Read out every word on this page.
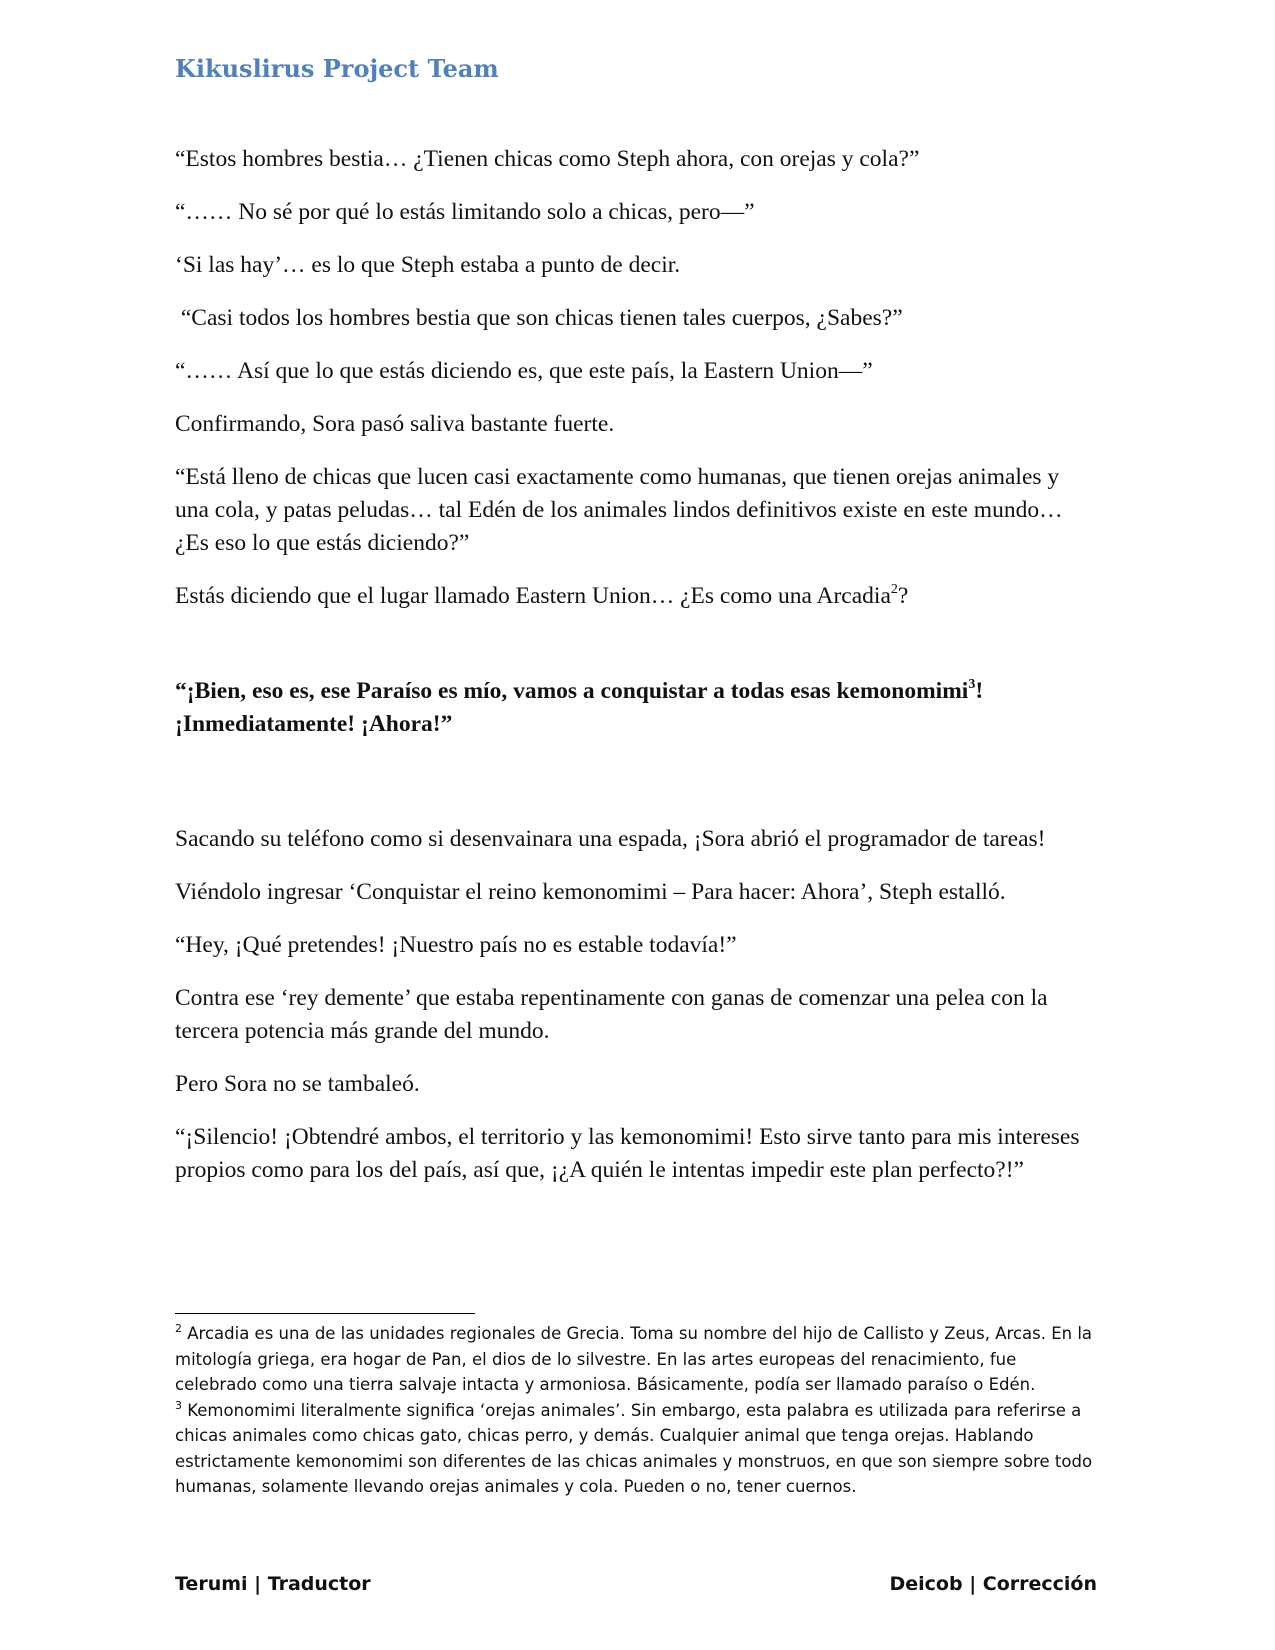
Kikuslirus Project Team

“Estos hombres bestia… ¿Tienen chicas como Steph ahora, con orejas y cola?”

“…… No sé por qué lo estás limitando solo a chicas, pero—”

‘Si las hay’… es lo que Steph estaba a punto de decir.

“Casi todos los hombres bestia que son chicas tienen tales cuerpos, ¿Sabes?”

“…… Así que lo que estás diciendo es, que este país, la Eastern Union—”

Confirmando, Sora pasó saliva bastante fuerte.

“Está lleno de chicas que lucen casi exactamente como humanas, que tienen orejas animales y una cola, y patas peludas… tal Edén de los animales lindos definitivos existe en este mundo… ¿Es eso lo que estás diciendo?”

Estás diciendo que el lugar llamado Eastern Union… ¿Es como una Arcadia$^2$?

“¡Bien, eso es, ese Paraíso es mío, vamos a conquistar a todas esas kemonomimi$^3$! ¡Inmediatamente! ¡Ahora!”

Sacando su teléfono como si desenvainara una espada, ¡Sora abrió el programador de tareas!

Viéndolo ingresar ‘Conquistar el reino kemonomimi – Para hacer: Ahora’, Steph estalló.

“Hey, ¡Qué pretendes! ¡Nuestro país no es estable todavía!”

Contra ese ‘rey demente’ que estaba repentinamente con ganas de comenzar una pelea con la tercera potencia más grande del mundo.

Pero Sora no se tambaleó.

“¡Silencio! ¡Obtendré ambos, el territorio y las kemonomimi! Esto sirve tanto para mis intereses propios como para los del país, así que, ¡¿A quién le intentas impedir este plan perfecto?!”

$^2$ Arcadia es una de las unidades regionales de Grecia. Toma su nombre del hijo de Callisto y Zeus, Arcas. En la mitología griega, era hogar de Pan, el dios de lo silvestre. En las artes europeas del renacimiento, fue celebrado como una tierra salvaje intacta y armoniosa. Básicamente, podía ser llamado paraíso o Edén.

$^3$ Kemonomimi literalmente significa ‘orejas animales’. Sin embargo, esta palabra es utilizada para referirse a chicas animales como chicas gato, chicas perro, y demás. Cualquier animal que tenga orejas. Hablando estrictamente kemonomimi son diferentes de las chicas animales y monstruos, en que son siempre sobre todo humanas, solamente llevando orejas animales y cola. Pueden o no, tener cuernos.

Terumi | Traductor	Deicob | Corrección
